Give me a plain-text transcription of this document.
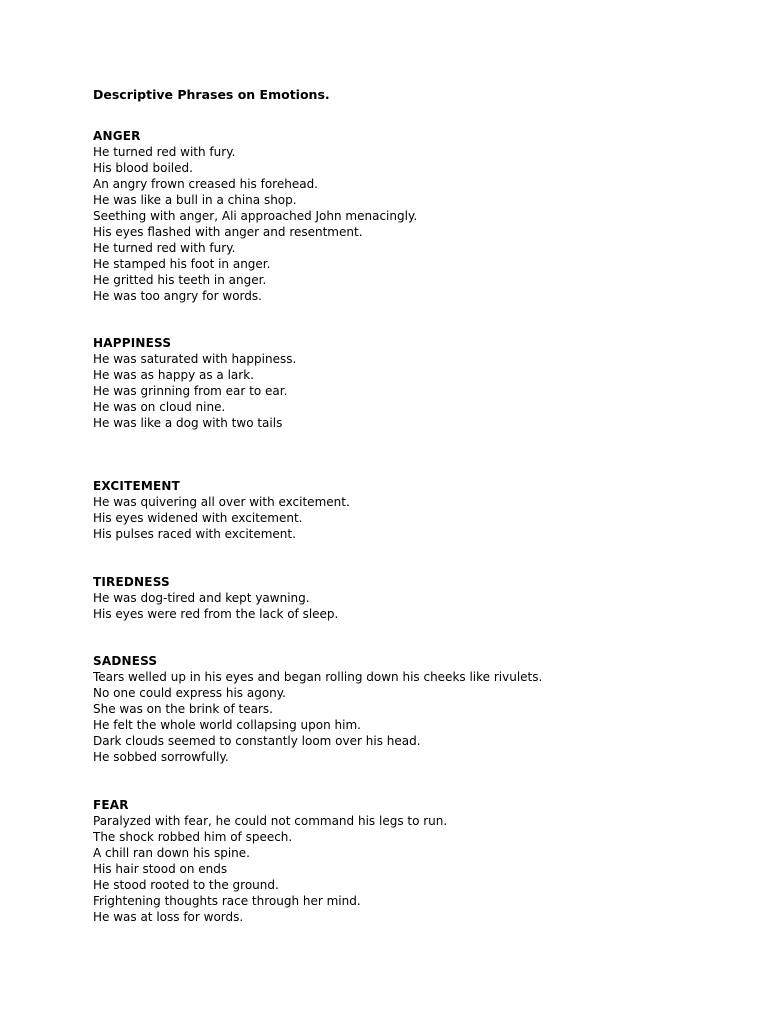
Descriptive Phrases on Emotions.
ANGER
He turned red with fury.
His blood boiled.
An angry frown creased his forehead.
He was like a bull in a china shop.
Seething with anger, Ali approached John menacingly.
His eyes flashed with anger and resentment.
He turned red with fury.
He stamped his foot in anger.
He gritted his teeth in anger.
He was too angry for words.
HAPPINESS
He was saturated with happiness.
He was as happy as a lark.
He was grinning from ear to ear.
He was on cloud nine.
He was like a dog with two tails
EXCITEMENT
He was quivering all over with excitement.
His eyes widened with excitement.
His pulses raced with excitement.
TIREDNESS
He was dog-tired and kept yawning.
His eyes were red from the lack of sleep.
SADNESS
Tears welled up in his eyes and began rolling down his cheeks like rivulets.
No one could express his agony.
She was on the brink of tears.
He felt the whole world collapsing upon him.
Dark clouds seemed to constantly loom over his head.
He sobbed sorrowfully.
FEAR
Paralyzed with fear, he could not command his legs to run.
The shock robbed him of speech.
A chill ran down his spine.
His hair stood on ends
He stood rooted to the ground.
Frightening thoughts race through her mind.
He was at loss for words.
